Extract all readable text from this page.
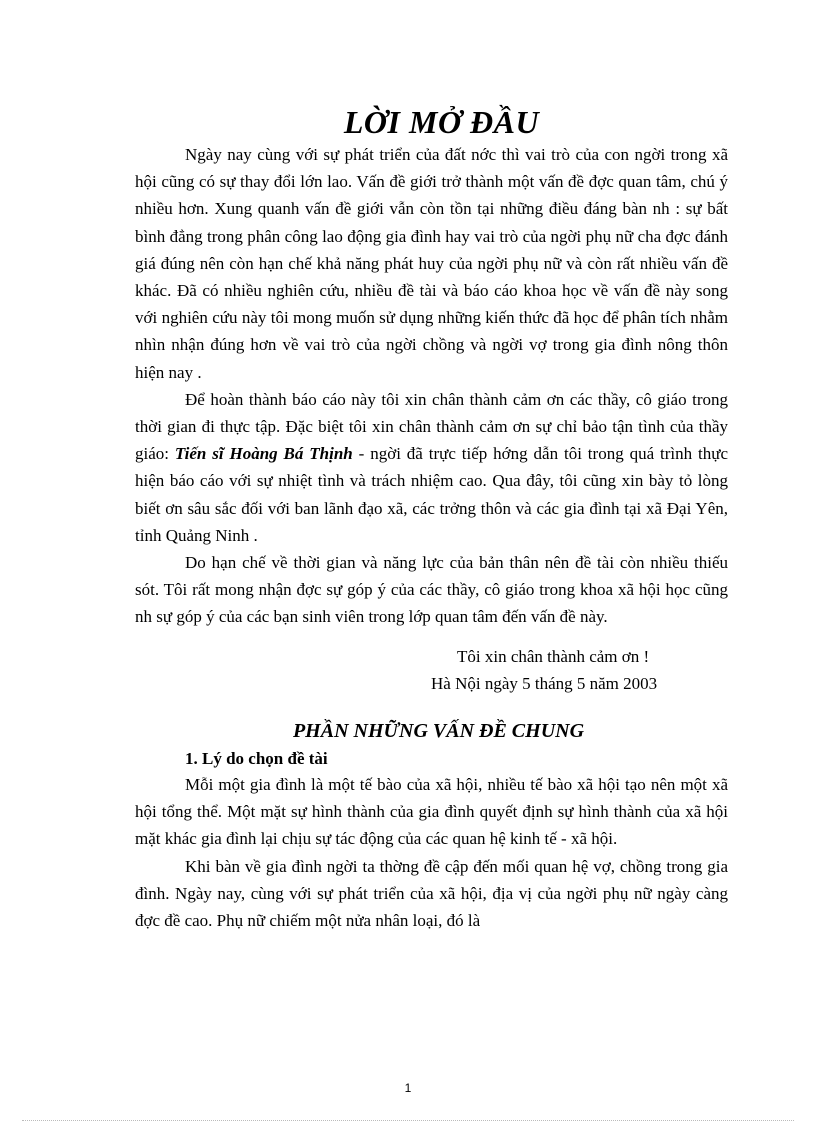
LỜI MỞ ĐẦU

Ngày nay cùng với sự phát triển của đất nớc thì vai trò của con ngời trong xã hội cũng có sự thay đổi lớn lao. Vấn đề giới trở thành một vấn đề đợc quan tâm, chú ý nhiều hơn. Xung quanh vấn đề giới vẫn còn tồn tại những điều đáng bàn nh : sự bất bình đẳng trong phân công lao động gia đình hay vai trò của ngời phụ nữ cha đợc đánh giá đúng nên còn hạn chế khả năng phát huy của ngời phụ nữ và còn rất nhiều vấn đề khác. Đã có nhiều nghiên cứu, nhiều đề tài và báo cáo khoa học về vấn đề này song với nghiên cứu này tôi mong muốn sử dụng những kiến thức đã học để phân tích nhằm nhìn nhận đúng hơn về vai trò của ngời chồng và ngời vợ trong gia đình nông thôn hiện nay .

Để hoàn thành báo cáo này tôi xin chân thành cảm ơn các thầy, cô giáo trong thời gian đi thực tập. Đặc biệt tôi xin chân thành cảm ơn sự chỉ bảo tận tình của thầy giáo: Tiến sĩ Hoàng Bá Thịnh - ngời đã trực tiếp hớng dẫn tôi trong quá trình thực hiện báo cáo với sự nhiệt tình và trách nhiệm cao. Qua đây, tôi cũng xin bày tỏ lòng biết ơn sâu sắc đối với ban lãnh đạo xã, các trởng thôn và các gia đình tại xã Đại Yên, tỉnh Quảng Ninh .

Do hạn chế về thời gian và năng lực của bản thân nên đề tài còn nhiều thiếu sót. Tôi rất mong nhận đợc sự góp ý của các thầy, cô giáo trong khoa xã hội học cũng nh sự góp ý của các bạn sinh viên trong lớp quan tâm đến vấn đề này.

Tôi xin chân thành cảm ơn !
Hà Nội ngày 5 tháng 5 năm 2003
PHẦN NHỮNG VẤN ĐỀ CHUNG
1. Lý do chọn đề tài

Mỗi một gia đình là một tế bào của xã hội, nhiều tế bào xã hội tạo nên một xã hội tổng thể. Một mặt sự hình thành của gia đình quyết định sự hình thành của xã hội mặt khác gia đình lại chịu sự tác động của các quan hệ kinh tế - xã hội.

Khi bàn về gia đình ngời ta thờng đề cập đến mối quan hệ vợ, chồng trong gia đình. Ngày nay, cùng với sự phát triển của xã hội, địa vị của ngời phụ nữ ngày càng đợc đề cao. Phụ nữ chiếm một nửa nhân loại, đó là

1
